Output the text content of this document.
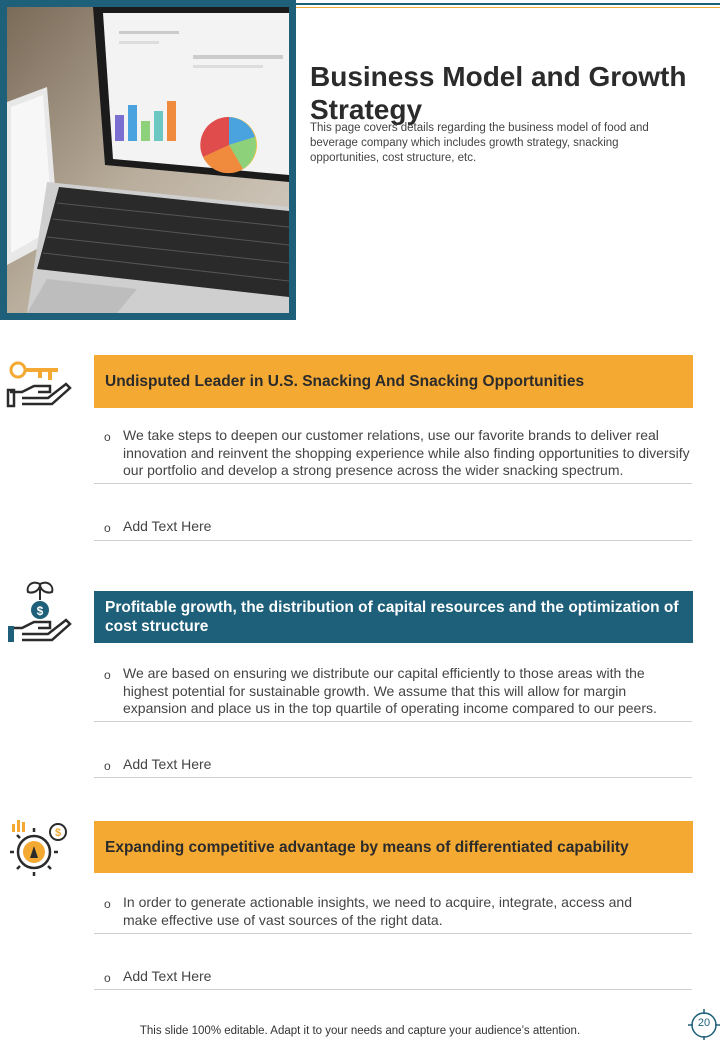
Business Model and Growth Strategy
This page covers details regarding the business model of food and beverage company which includes growth strategy, snacking opportunities, cost structure, etc.
Undisputed Leader in U.S. Snacking And Snacking Opportunities
o We take steps to deepen our customer relations, use our favorite brands to deliver real innovation and reinvent the shopping experience while also finding opportunities to diversify our portfolio and develop a strong presence across the wider snacking spectrum.
o Add Text Here
$	Profitable growth, the distribution of capital resources and the optimization of cost structure
o We are based on ensuring we distribute our capital efficiently to those areas with the highest potential for sustainable growth. We assume that this will allow for margin expansion and place us in the top quartile of operating income compared to our peers.
o Add Text Here
$
Expanding competitive advantage by means of differentiated capability
o In order to generate actionable insights, we need to acquire, integrate, access and make effective use of vast sources of the right data.
o Add Text Here
This slide 100% editable. Adapt it to your needs and capture your audience’s attention.
20
